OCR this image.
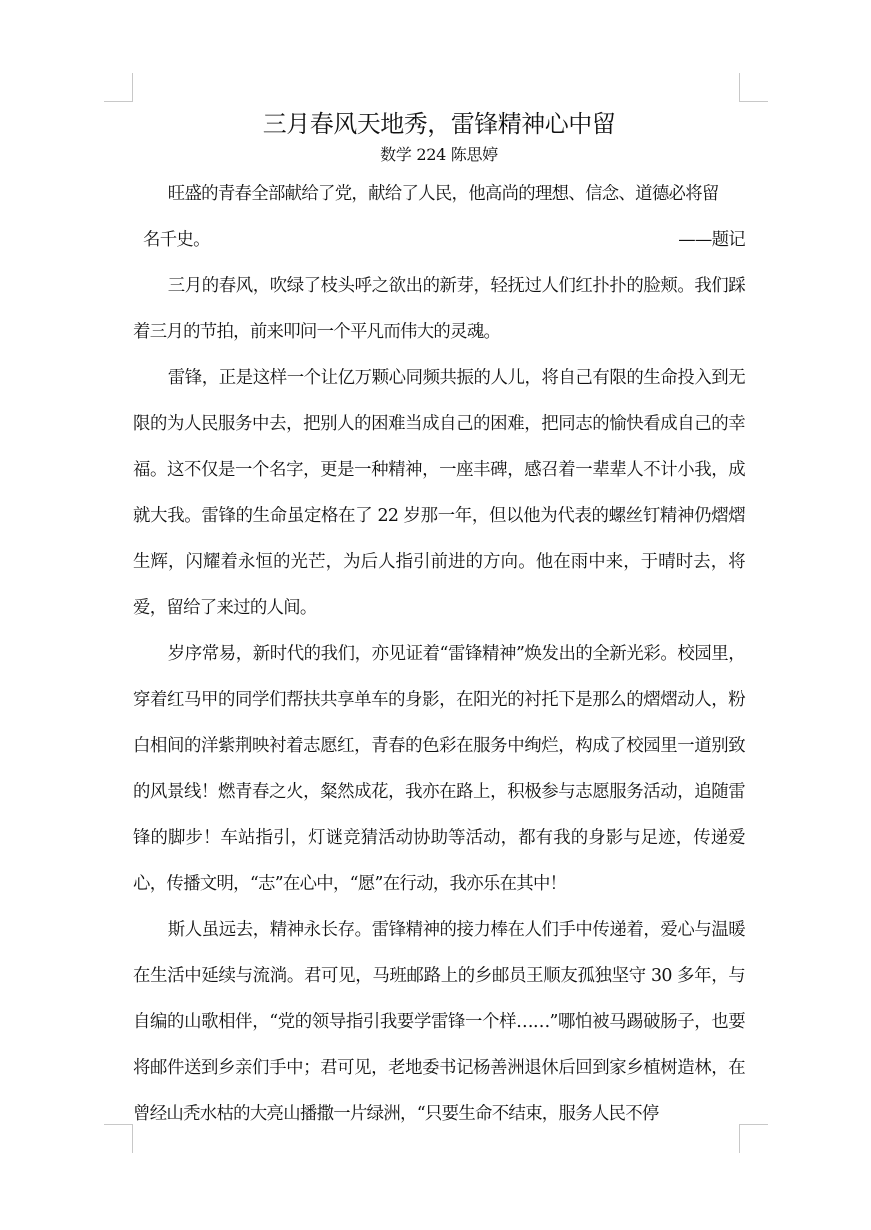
三月春风天地秀，雷锋精神心中留

数学 224 陈思婷

旺盛的青春全部献给了党，献给了人民，他高尚的理想、信念、道德必将留

名千史。	——题记

三月的春风，吹绿了枝头呼之欲出的新芽，轻抚过人们红扑扑的脸颊。我们踩着三月的节拍，前来叩问一个平凡而伟大的灵魂。

雷锋，正是这样一个让亿万颗心同频共振的人儿，将自己有限的生命投入到无限的为人民服务中去，把别人的困难当成自己的困难，把同志的愉快看成自己的幸福。这不仅是一个名字，更是一种精神，一座丰碑，感召着一辈辈人不计小我，成就大我。雷锋的生命虽定格在了 22 岁那一年，但以他为代表的螺丝钉精神仍熠熠生辉，闪耀着永恒的光芒，为后人指引前进的方向。他在雨中来，于晴时去，将爱，留给了来过的人间。

岁序常易，新时代的我们，亦见证着“雷锋精神”焕发出的全新光彩。校园里，穿着红马甲的同学们帮扶共享单车的身影，在阳光的衬托下是那么的熠熠动人，粉白相间的洋紫荆映衬着志愿红，青春的色彩在服务中绚烂，构成了校园里一道别致的风景线！燃青春之火，粲然成花，我亦在路上，积极参与志愿服务活动，追随雷锋的脚步！车站指引，灯谜竞猜活动协助等活动，都有我的身影与足迹，传递爱心，传播文明，“志”在心中，“愿”在行动，我亦乐在其中！

斯人虽远去，精神永长存。雷锋精神的接力棒在人们手中传递着，爱心与温暖在生活中延续与流淌。君可见，马班邮路上的乡邮员王顺友孤独坚守 30 多年，与自编的山歌相伴，“党的领导指引我要学雷锋一个样……”哪怕被马踢破肠子，也要将邮件送到乡亲们手中；君可见，老地委书记杨善洲退休后回到家乡植树造林，在曾经山秃水枯的大亮山播撒一片绿洲，“只要生命不结束，服务人民不停
